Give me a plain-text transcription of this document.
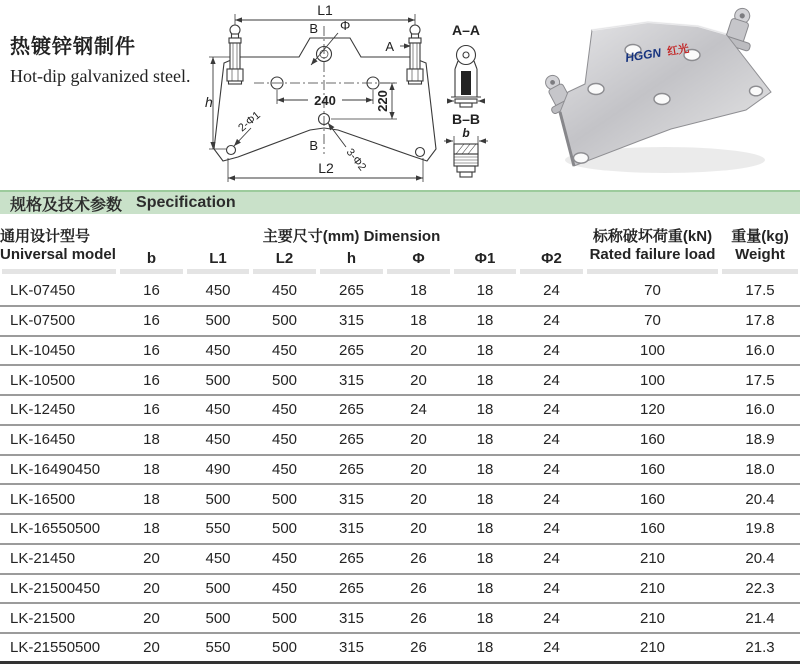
热镀锌钢制件
Hot-dip galvanized steel.
L1
L2
h
B
B
Φ
A
240	220
2-Φ1
3-Φ2
A–A
B–B
b
HGGN 红光
规格及技术参数 Specification
通用设计型号
Universal model
	主要尺寸(mm) Dimension	标称破坏荷重(kN)
Rated failure load

重量(kg)
Weight

	b	L1	L2	h	Φ	Φ1	Φ2		

LK-07450	16	450	450	265	18	18	24	70	17.5
LK-07500	16	500	500	315	18	18	24	70	17.8
LK-10450	16	450	450	265	20	18	24	100	16.0
LK-10500	16	500	500	315	20	18	24	100	17.5
LK-12450	16	450	450	265	24	18	24	120	16.0
LK-16450	18	450	450	265	20	18	24	160	18.9
LK-16490450	18	490	450	265	20	18	24	160	18.0
LK-16500	18	500	500	315	20	18	24	160	20.4
LK-16550500	18	550	500	315	20	18	24	160	19.8
LK-21450	20	450	450	265	26	18	24	210	20.4
LK-21500450	20	500	450	265	26	18	24	210	22.3
LK-21500	20	500	500	315	26	18	24	210	21.4
LK-21550500	20	550	500	315	26	18	24	210	21.3
